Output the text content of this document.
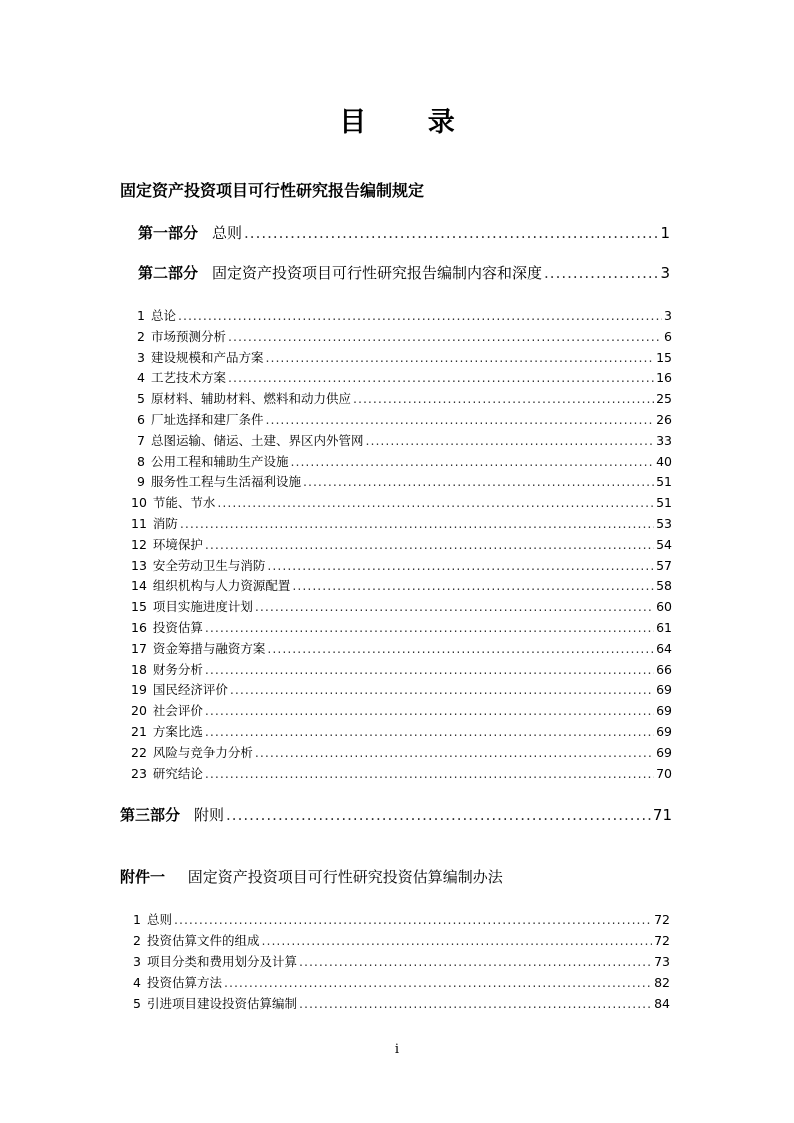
目 录
固定资产投资项目可行性研究报告编制规定
第一部分 总则 .....	1
第二部分 固定资产投资项目可行性研究报告编制内容和深度 .....	3
1 总论 .....	3
2 市场预测分析 .....	6
3 建设规模和产品方案 .....	15
4 工艺技术方案 .....	16
5 原材料、辅助材料、燃料和动力供应 .....	25
6 厂址选择和建厂条件 .....	26
7 总图运输、储运、土建、界区内外管网 .....	33
8 公用工程和辅助生产设施 .....	40
9 服务性工程与生活福利设施 .....	51
10 节能、节水 .....	51
11 消防 .....	53
12 环境保护 .....	54
13 安全劳动卫生与消防 .....	57
14 组织机构与人力资源配置 .....	58
15 项目实施进度计划 .....	60
16 投资估算 .....	61
17 资金筹措与融资方案 .....	64
18 财务分析 .....	66
19 国民经济评价 .....	69
20 社会评价 .....	69
21 方案比选 .....	69
22 风险与竞争力分析 .....	69
23 研究结论 .....	70
第三部分 附则 .....	71
附件一 固定资产投资项目可行性研究投资估算编制办法
1 总则 .....	72
2 投资估算文件的组成 .....	72
3 项目分类和费用划分及计算 .....	73
4 投资估算方法 .....	82
5 引进项目建设投资估算编制 .....	84
i
